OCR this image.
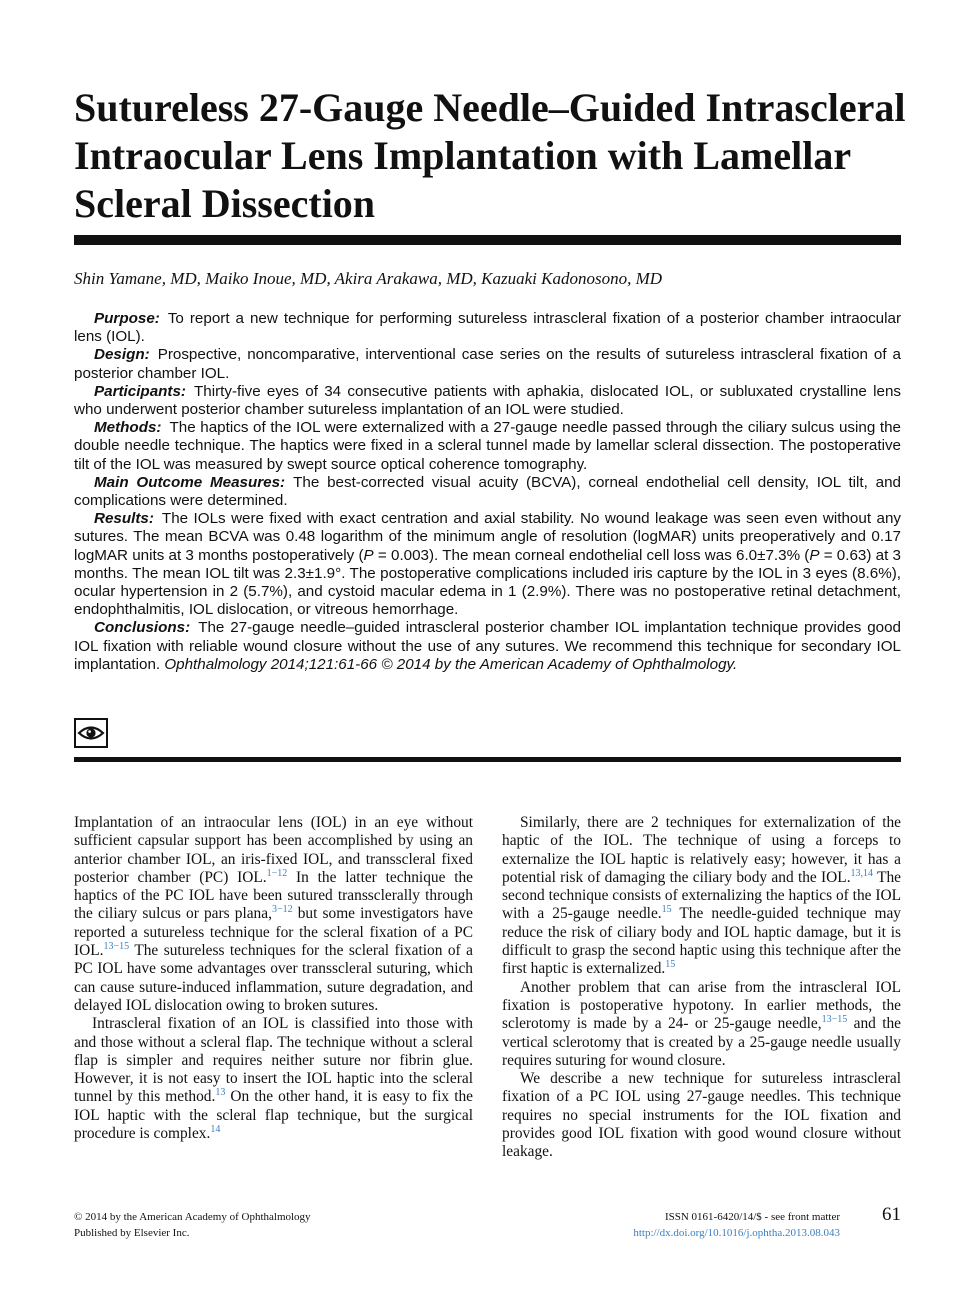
Sutureless 27-Gauge Needle–Guided Intrascleral Intraocular Lens Implantation with Lamellar Scleral Dissection

Shin Yamane, MD, Maiko Inoue, MD, Akira Arakawa, MD, Kazuaki Kadonosono, MD

Purpose: To report a new technique for performing sutureless intrascleral fixation of a posterior chamber intraocular lens (IOL).

Design: Prospective, noncomparative, interventional case series on the results of sutureless intrascleral fixation of a posterior chamber IOL.

Participants: Thirty-five eyes of 34 consecutive patients with aphakia, dislocated IOL, or subluxated crystalline lens who underwent posterior chamber sutureless implantation of an IOL were studied.

Methods: The haptics of the IOL were externalized with a 27-gauge needle passed through the ciliary sulcus using the double needle technique. The haptics were fixed in a scleral tunnel made by lamellar scleral dissection. The postoperative tilt of the IOL was measured by swept source optical coherence tomography.

Main Outcome Measures: The best-corrected visual acuity (BCVA), corneal endothelial cell density, IOL tilt, and complications were determined.

Results: The IOLs were fixed with exact centration and axial stability. No wound leakage was seen even without any sutures. The mean BCVA was 0.48 logarithm of the minimum angle of resolution (logMAR) units preoperatively and 0.17 logMAR units at 3 months postoperatively (P = 0.003). The mean corneal endothelial cell loss was 6.0±7.3% (P = 0.63) at 3 months. The mean IOL tilt was 2.3±1.9°. The postoperative complications included iris capture by the IOL in 3 eyes (8.6%), ocular hypertension in 2 (5.7%), and cystoid macular edema in 1 (2.9%). There was no postoperative retinal detachment, endophthalmitis, IOL dislocation, or vitreous hemorrhage.

Conclusions: The 27-gauge needle–guided intrascleral posterior chamber IOL implantation technique provides good IOL fixation with reliable wound closure without the use of any sutures. We recommend this technique for secondary IOL implantation. Ophthalmology 2014;121:61-66 © 2014 by the American Academy of Ophthalmology.

Implantation of an intraocular lens (IOL) in an eye without sufficient capsular support has been accomplished by using an anterior chamber IOL, an iris-fixed IOL, and transscleral fixed posterior chamber (PC) IOL.$^{1-12}$ In the latter technique the haptics of the PC IOL have been sutured transsclerally through the ciliary sulcus or pars plana,$^{3-12}$ but some investigators have reported a sutureless technique for the scleral fixation of a PC IOL.$^{13-15}$ The sutureless techniques for the scleral fixation of a PC IOL have some advantages over transscleral suturing, which can cause suture-induced inflammation, suture degradation, and delayed IOL dislocation owing to broken sutures.

Intrascleral fixation of an IOL is classified into those with and those without a scleral flap. The technique without a scleral flap is simpler and requires neither suture nor fibrin glue. However, it is not easy to insert the IOL haptic into the scleral tunnel by this method.$^{13}$ On the other hand, it is easy to fix the IOL haptic with the scleral flap technique, but the surgical procedure is complex.$^{14}$

Similarly, there are 2 techniques for externalization of the haptic of the IOL. The technique of using a forceps to externalize the IOL haptic is relatively easy; however, it has a potential risk of damaging the ciliary body and the IOL.$^{13,14}$ The second technique consists of externalizing the haptics of the IOL with a 25-gauge needle.$^{15}$ The needle-guided technique may reduce the risk of ciliary body and IOL haptic damage, but it is difficult to grasp the second haptic using this technique after the first haptic is externalized.$^{15}$

Another problem that can arise from the intrascleral IOL fixation is postoperative hypotony. In earlier methods, the sclerotomy is made by a 24- or 25-gauge needle,$^{13-15}$ and the vertical sclerotomy that is created by a 25-gauge needle usually requires suturing for wound closure.

We describe a new technique for sutureless intrascleral fixation of a PC IOL using 27-gauge needles. This technique requires no special instruments for the IOL fixation and provides good IOL fixation with good wound closure without leakage.

© 2014 by the American Academy of Ophthalmology
Published by Elsevier Inc.
ISSN 0161-6420/14/$ - see front matter
http://dx.doi.org/10.1016/j.ophtha.2013.08.043
61
